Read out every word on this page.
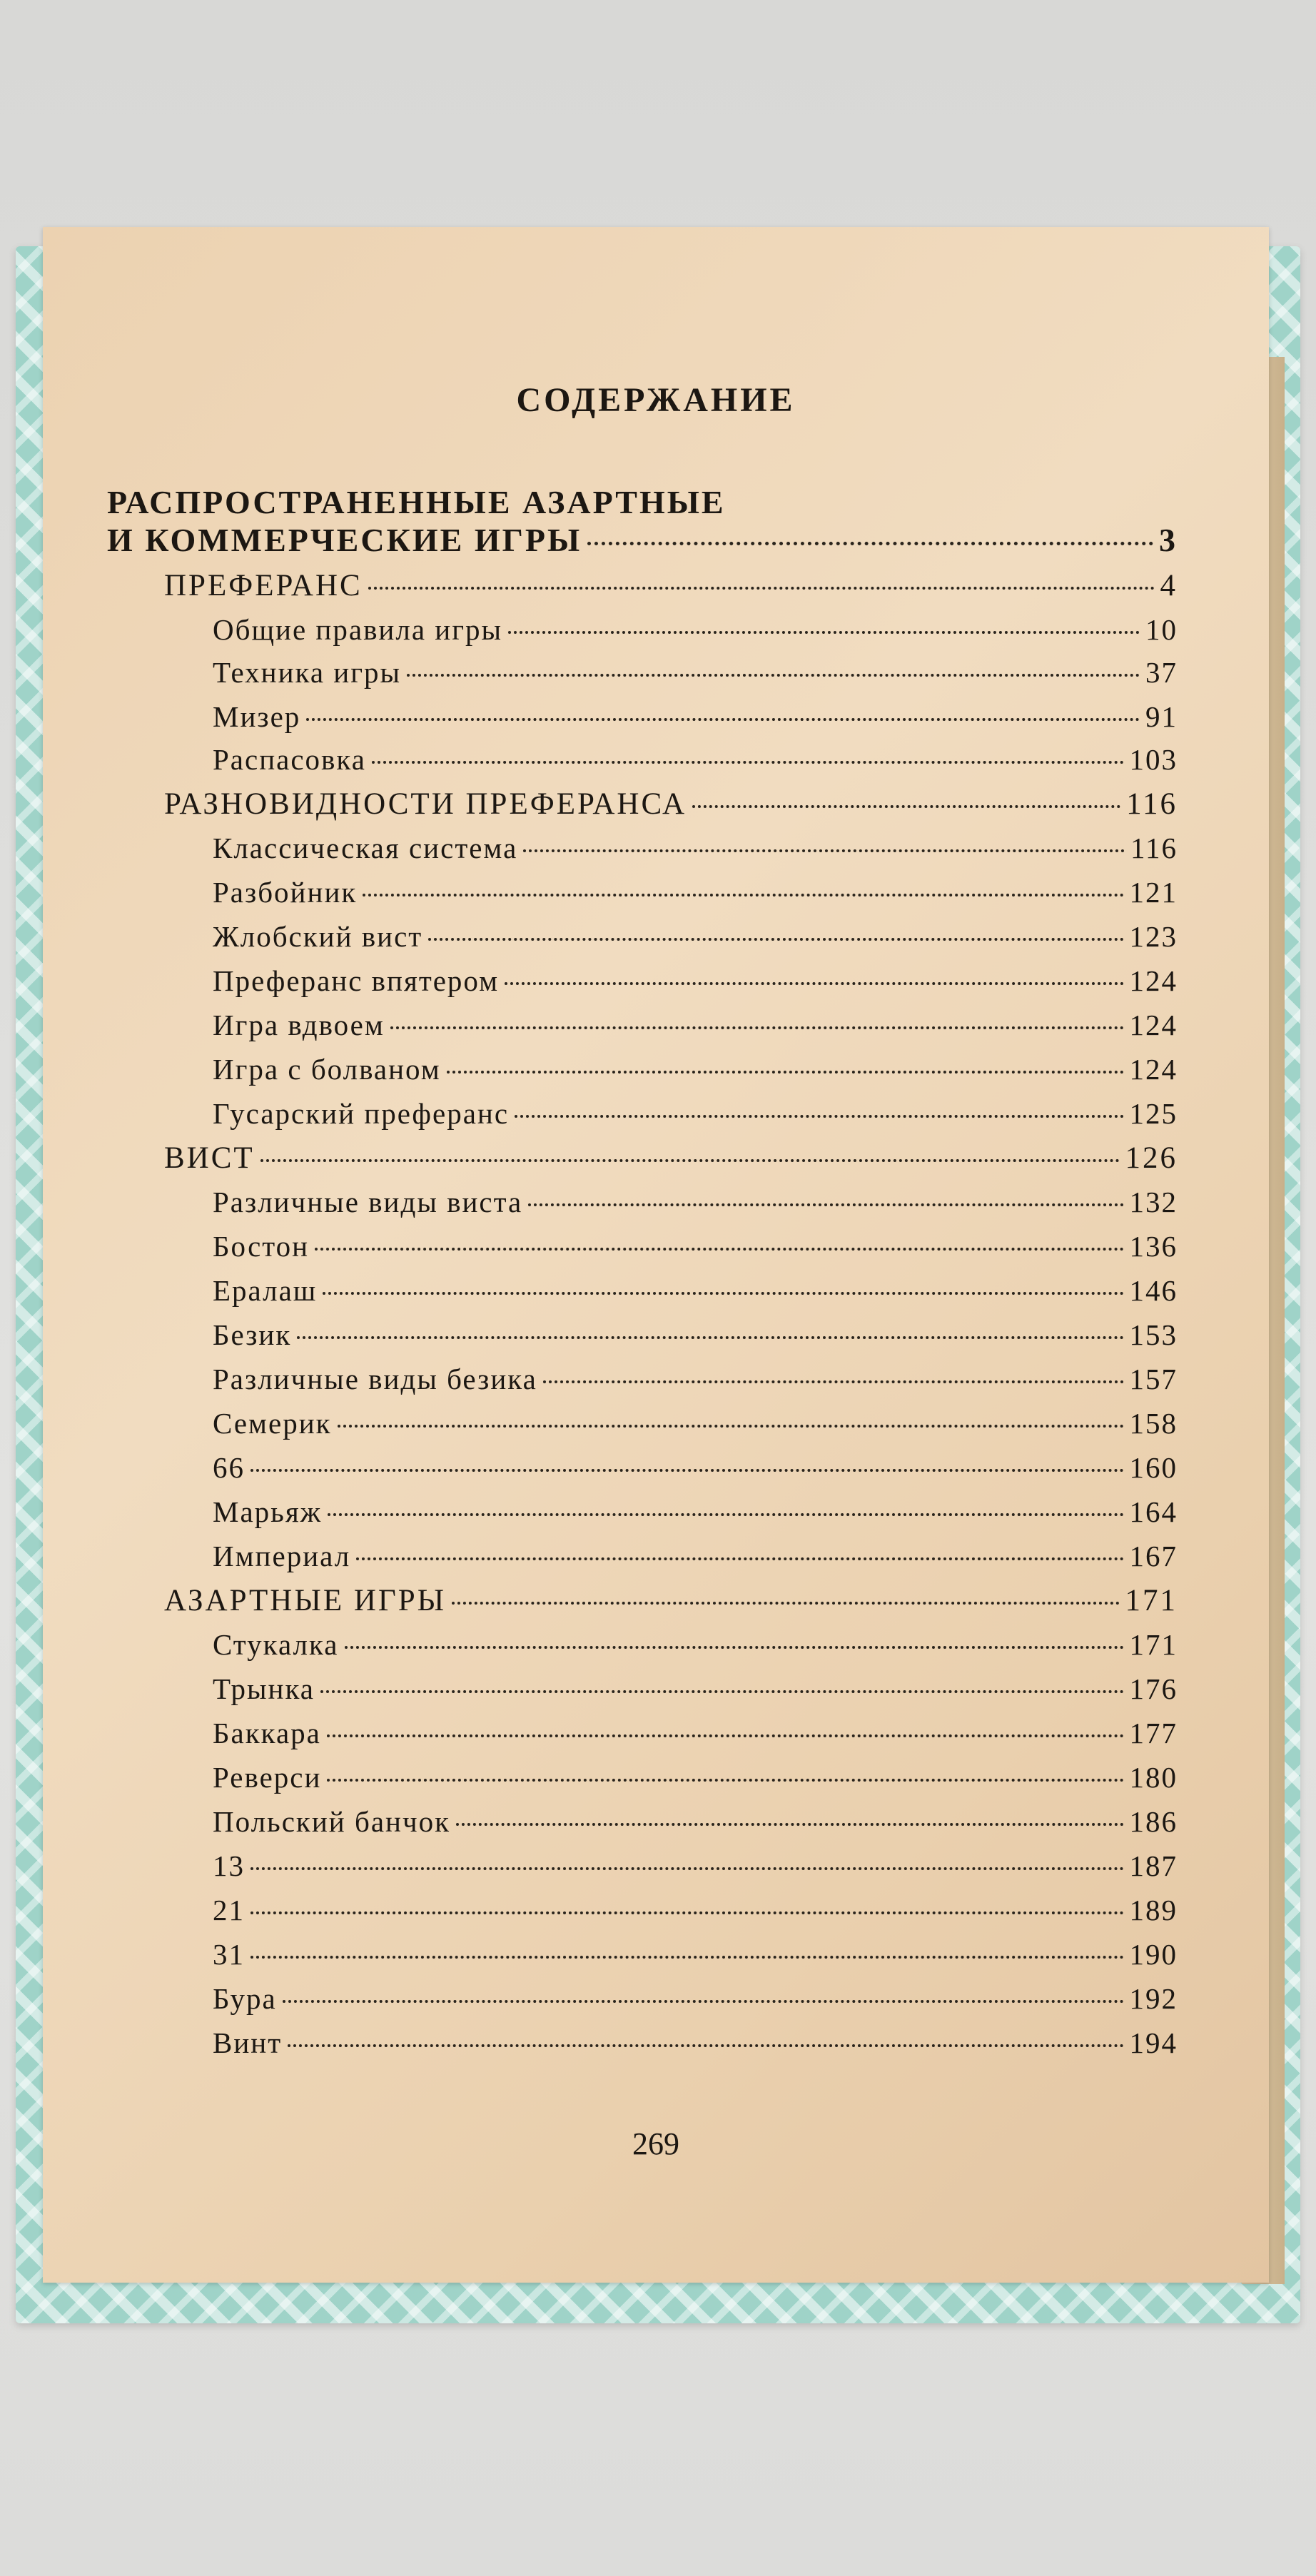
СОДЕРЖАНИЕ
РАСПРОСТРАНЕННЫЕ АЗАРТНЫЕ
И КОММЕРЧЕСКИЕ ИГРЫ	3
ПРЕФЕРАНС	4
Общие правила игры	10
Техника игры	37
Мизер	91
Распасовка	103
РАЗНОВИДНОСТИ ПРЕФЕРАНСА	116
Классическая система	116
Разбойник	121
Жлобский вист	123
Преферанс впятером	124
Игра вдвоем	124
Игра с болваном	124
Гусарский преферанс	125
ВИСТ	126
Различные виды виста	132
Бостон	136
Ералаш	146
Безик	153
Различные виды безика	157
Семерик	158
66	160
Марьяж	164
Империал	167
АЗАРТНЫЕ ИГРЫ	171
Стукалка	171
Трынка	176
Баккара	177
Реверси	180
Польский банчок	186
13	187
21	189
31	190
Бура	192
Винт	194
269
